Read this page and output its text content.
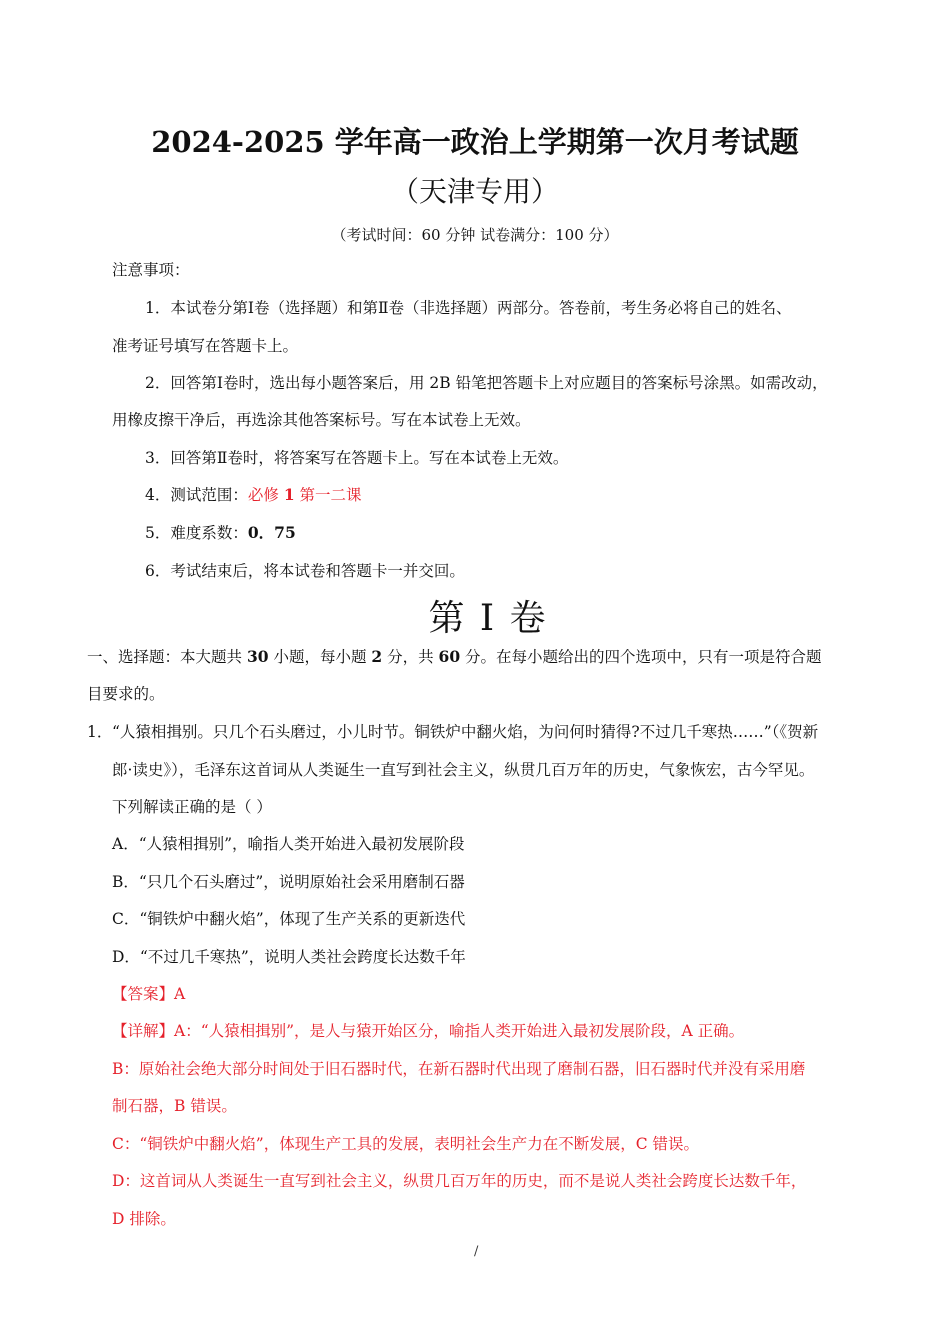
2024-2025 学年高一政治上学期第一次月考试题
（天津专用）
（考试时间：60 分钟 试卷满分：100 分）
注意事项：
1．本试卷分第Ⅰ卷（选择题）和第Ⅱ卷（非选择题）两部分。答卷前，考生务必将自己的姓名、
准考证号填写在答题卡上。
2．回答第Ⅰ卷时，选出每小题答案后，用 2B 铅笔把答题卡上对应题目的答案标号涂黑。如需改动，
用橡皮擦干净后，再选涂其他答案标号。写在本试卷上无效。
3．回答第Ⅱ卷时，将答案写在答题卡上。写在本试卷上无效。
4．测试范围：必修 1 第一二课
5．难度系数：0．75
6．考试结束后，将本试卷和答题卡一并交回。
第 I 卷
一、选择题：本大题共 30 小题，每小题 2 分，共 60 分。在每小题给出的四个选项中，只有一项是符合题
目要求的。
1． “人猿相揖别。只几个石头磨过，小儿时节。铜铁炉中翻火焰，为问何时猜得?不过几千寒热……”（《贺新
郎·读史》），毛泽东这首词从人类诞生一直写到社会主义，纵贯几百万年的历史，气象恢宏，古今罕见。
下列解读正确的是（ ）
A．“人猿相揖别”，喻指人类开始进入最初发展阶段
B．“只几个石头磨过”，说明原始社会采用磨制石器
C．“铜铁炉中翻火焰”，体现了生产关系的更新迭代
D．“不过几千寒热”，说明人类社会跨度长达数千年
【答案】A
【详解】A：“人猿相揖别”，是人与猿开始区分，喻指人类开始进入最初发展阶段，A 正确。
B：原始社会绝大部分时间处于旧石器时代，在新石器时代出现了磨制石器，旧石器时代并没有采用磨
制石器，B 错误。
C：“铜铁炉中翻火焰”，体现生产工具的发展，表明社会生产力在不断发展，C 错误。
D：这首词从人类诞生一直写到社会主义，纵贯几百万年的历史，而不是说人类社会跨度长达数千年，
D 排除。
/
